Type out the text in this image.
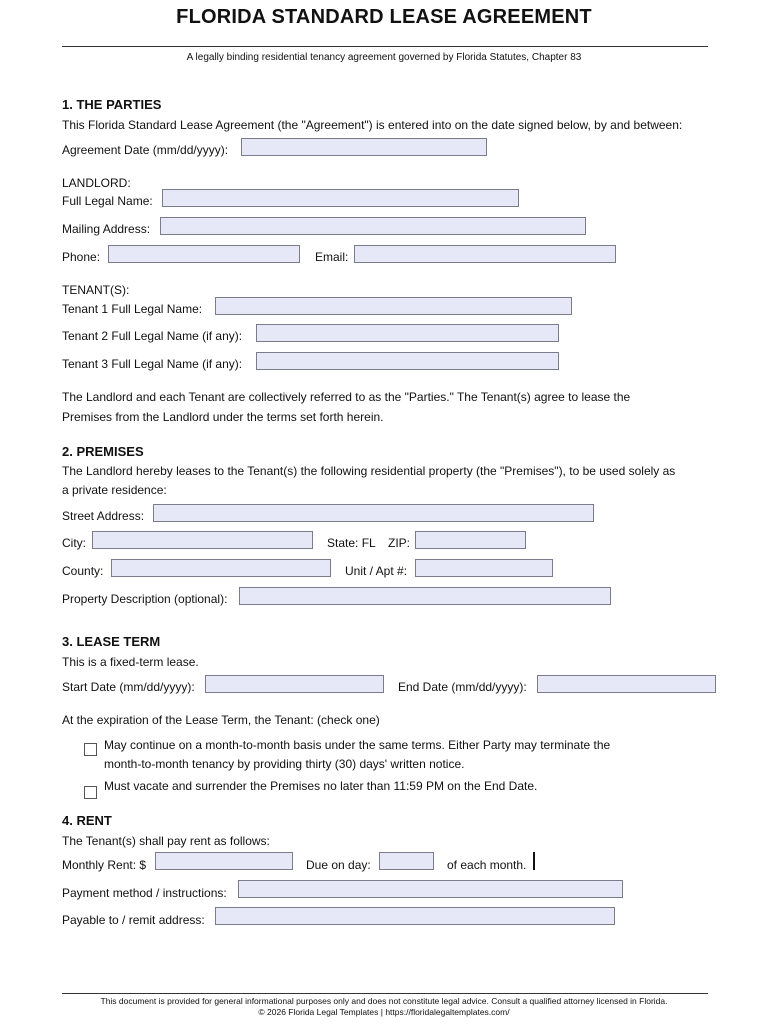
FLORIDA STANDARD LEASE AGREEMENT
A legally binding residential tenancy agreement governed by Florida Statutes, Chapter 83
1. THE PARTIES
This Florida Standard Lease Agreement (the "Agreement") is entered into on the date signed below, by and between:
Agreement Date (mm/dd/yyyy):
LANDLORD:
Full Legal Name:
Mailing Address:
Phone:	Email:
TENANT(S):
Tenant 1 Full Legal Name:
Tenant 2 Full Legal Name (if any):
Tenant 3 Full Legal Name (if any):
The Landlord and each Tenant are collectively referred to as the "Parties." The Tenant(s) agree to lease the
Premises from the Landlord under the terms set forth herein.
2. PREMISES
The Landlord hereby leases to the Tenant(s) the following residential property (the "Premises"), to be used solely as
a private residence:
Street Address:
City:	State: FL ZIP:
County:	Unit / Apt #:
Property Description (optional):
3. LEASE TERM
This is a fixed-term lease.
Start Date (mm/dd/yyyy):	End Date (mm/dd/yyyy):
At the expiration of the Lease Term, the Tenant: (check one)
May continue on a month-to-month basis under the same terms. Either Party may terminate the
month-to-month tenancy by providing thirty (30) days' written notice.
Must vacate and surrender the Premises no later than 11:59 PM on the End Date.
4. RENT
The Tenant(s) shall pay rent as follows:
Monthly Rent: $	Due on day:	of each month.
Payment method / instructions:
Payable to / remit address:
This document is provided for general informational purposes only and does not constitute legal advice. Consult a qualified attorney licensed in Florida.
© 2026 Florida Legal Templates | https://floridalegaltemplates.com/
